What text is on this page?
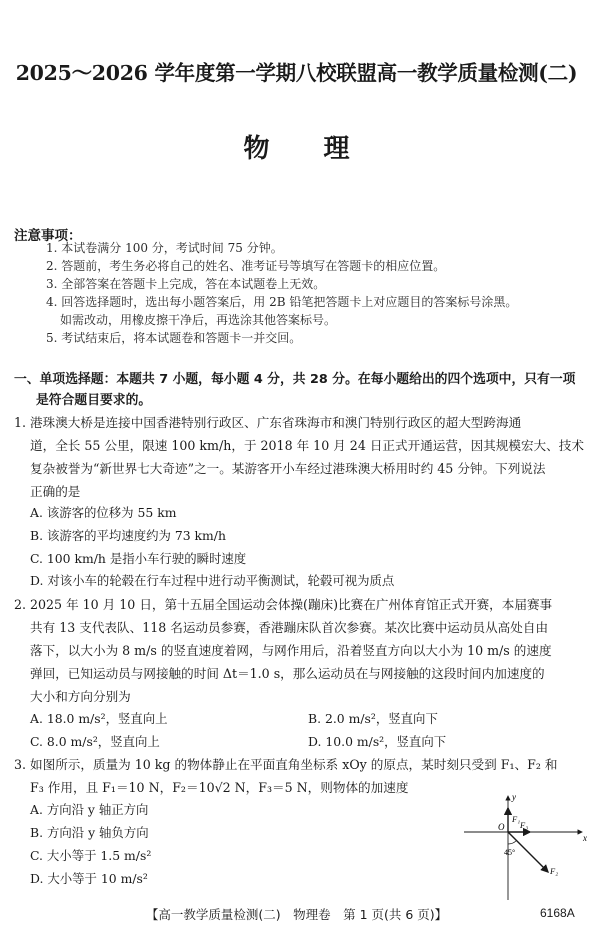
2025～2026 学年度第一学期八校联盟高一教学质量检测(二)
物理
注意事项：
1. 本试卷满分 100 分，考试时间 75 分钟。
2. 答题前，考生务必将自己的姓名、准考证号等填写在答题卡的相应位置。
3. 全部答案在答题卡上完成，答在本试题卷上无效。
4. 回答选择题时，选出每小题答案后，用 2B 铅笔把答题卡上对应题目的答案标号涂黑。
如需改动，用橡皮擦干净后，再选涂其他答案标号。
5. 考试结束后，将本试题卷和答题卡一并交回。
一、单项选择题：本题共 7 小题，每小题 4 分，共 28 分。在每小题给出的四个选项中，只有一项
是符合题目要求的。
1. 港珠澳大桥是连接中国香港特别行政区、广东省珠海市和澳门特别行政区的超大型跨海通
道，全长 55 公里，限速 100 km/h，于 2018 年 10 月 24 日正式开通运营，因其规模宏大、技术
复杂被誉为“新世界七大奇迹”之一。某游客开小车经过港珠澳大桥用时约 45 分钟。下列说法
正确的是
A. 该游客的位移为 55 km
B. 该游客的平均速度约为 73 km/h
C. 100 km/h 是指小车行驶的瞬时速度
D. 对该小车的轮毂在行车过程中进行动平衡测试，轮毂可视为质点
2. 2025 年 10 月 10 日，第十五届全国运动会体操(蹦床)比赛在广州体育馆正式开赛，本届赛事
共有 13 支代表队、118 名运动员参赛，香港蹦床队首次参赛。某次比赛中运动员从高处自由
落下，以大小为 8 m/s 的竖直速度着网，与网作用后，沿着竖直方向以大小为 10 m/s 的速度
弹回，已知运动员与网接触的时间 Δt＝1.0 s，那么运动员在与网接触的这段时间内加速度的
大小和方向分别为
A. 18.0 m/s²，竖直向上	B. 2.0 m/s²，竖直向下
C. 8.0 m/s²，竖直向上	D. 10.0 m/s²，竖直向下
3. 如图所示，质量为 10 kg 的物体静止在平面直角坐标系 xOy 的原点，某时刻只受到 F₁、F₂ 和
F₃ 作用，且 F₁＝10 N，F₂＝10√2 N，F₃＝5 N，则物体的加速度
A. 方向沿 y 轴正方向
B. 方向沿 y 轴负方向
C. 大小等于 1.5 m/s²
D. 大小等于 10 m/s²
x
y
O
F₁
F₃
F₂
45°
【高一教学质量检测(二)　物理卷　第 1 页(共 6 页)】	6168A
